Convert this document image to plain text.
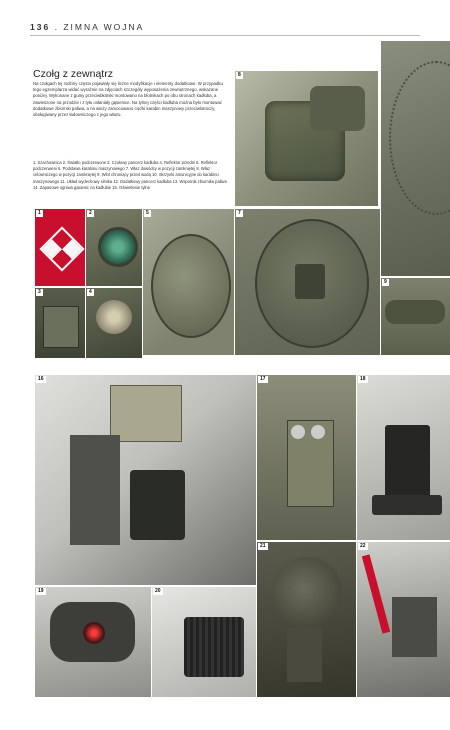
136 . ZIMNA WOJNA
Czołg z zewnątrz
Na czołgach tej rodziny często pojawiały się liczne modyfikacje i elementy dodatkowe. W przypadku tego egzemplarza widać wyraźnie na zdjęciach szczegóły wyposażenia zewnętrznego, wskazane poniżej. Wykonane z gumy przeciwbłotniki montowano na błotnikach po obu stronach kadłuba, a zawieszone na przodzie i z tyłu osłaniały gąsienice. Na tylnej części kadłuba można było montować dodatkowe zbiorniki paliwa, a na wieży zamocowano ciężki karabin maszynowy przeciwlotniczy, obsługiwany przez ładowniczego z jego włazu.
1. Szachownica 2. Światło podczerwone 3. Czołowy pancerz kadłuba 4. Reflektor przedni 5. Reflektor podczerwieni 6. Podstawa karabinu maszynowego 7. Właz dowódcy w pozycji zamkniętej 8. Właz celowniczego w pozycji zamkniętej 9. Wlot chroniący przed wodą 10. Skrzynki amunicyjne do karabinu maszynowego 11. Układ wydechowy silnika 12. Dodatkowy pancerz kadłuba 13. Wspornik zbiornika paliwa 14. Zapasowe ogniwa gąsienic na kadłubie 15. Oświetlenie tylne
8
1	2	5	7
3	4
9
16	17	18
19	20
21	22
